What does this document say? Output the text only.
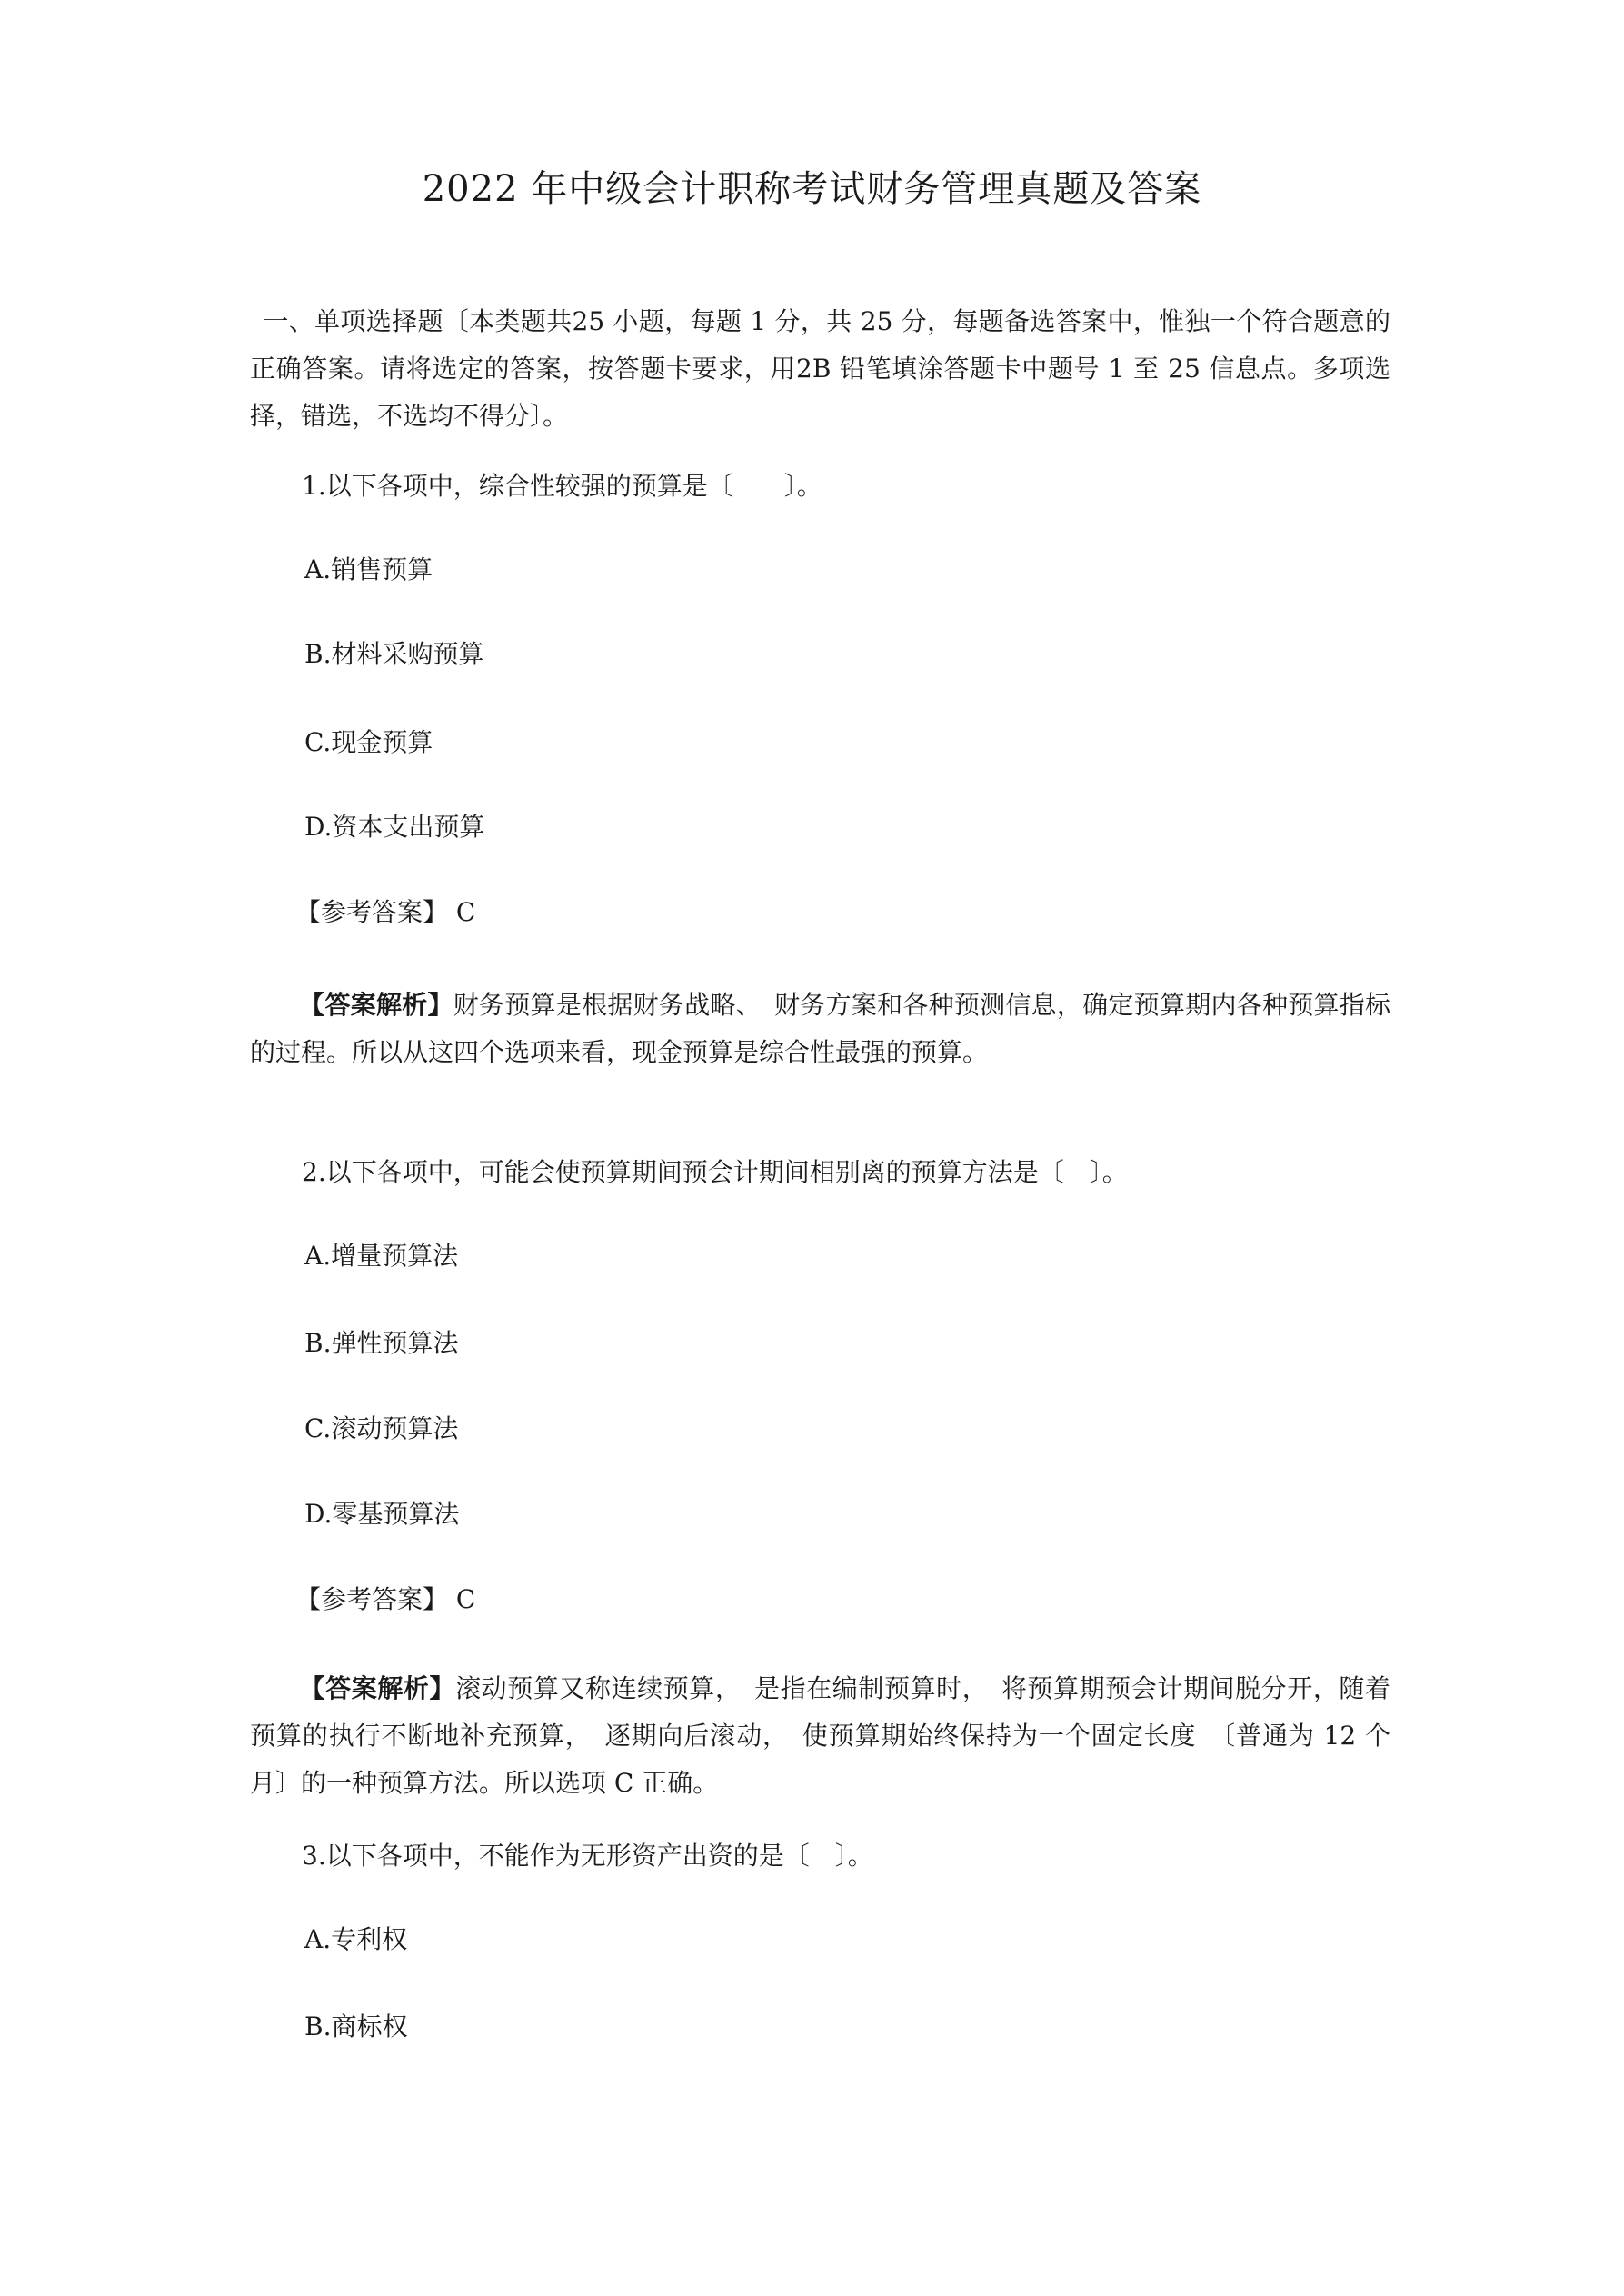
2022 年中级会计职称考试财务管理真题及答案
一、单项选择题〔本类题共25 小题，每题 1 分，共 25 分，每题备选答案中，惟独一个符合题意的正确答案。请将选定的答案，按答题卡要求，用2B 铅笔填涂答题卡中题号 1 至 25 信息点。多项选择，错选，不选均不得分〕。
1.以下各项中，综合性较强的预算是〔　　〕。
A.销售预算
B.材料采购预算
C.现金预算
D.资本支出预算
【参考答案】 C
【答案解析】财务预算是根据财务战略、　财务方案和各种预测信息，确定预算期内各种预算指标的过程。所以从这四个选项来看，现金预算是综合性最强的预算。
2.以下各项中，可能会使预算期间预会计期间相别离的预算方法是〔　〕。
A.增量预算法
B.弹性预算法
C.滚动预算法
D.零基预算法
【参考答案】 C
【答案解析】滚动预算又称连续预算，　是指在编制预算时，　将预算期预会计期间脱分开，随着预算的执行不断地补充预算，　逐期向后滚动，　使预算期始终保持为一个固定长度　〔普通为 12 个月〕的一种预算方法。所以选项 C 正确。
3.以下各项中，不能作为无形资产出资的是〔　〕。
A.专利权
B.商标权
